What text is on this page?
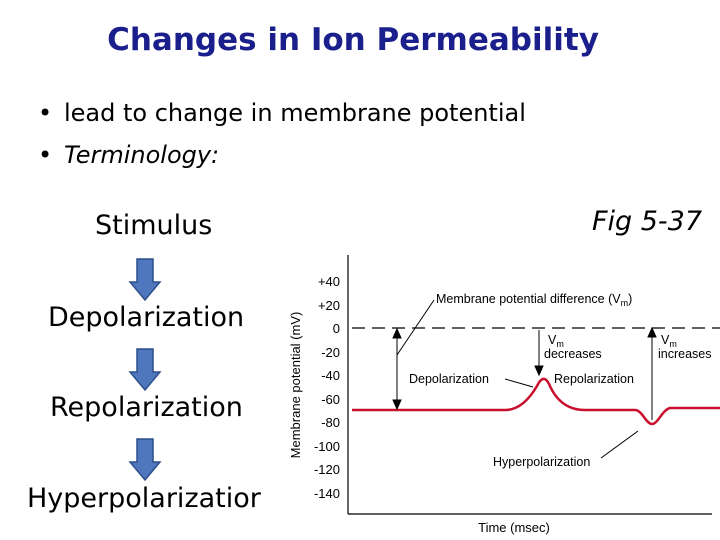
Changes in Ion Permeability
• lead to change in membrane potential
• Terminology:
Stimulus
Depolarization
Repolarization
Hyperpolarizatior
Fig 5-37
+40
+20
0
-20
-40
-60
-80
-100
-120
-140
Membrane potential (mV)
Time (msec)
Membrane potential difference $(V_m)$
$V_m$
decreases
$V_m$
increases
Depolarization	Repolarization
Hyperpolarization
